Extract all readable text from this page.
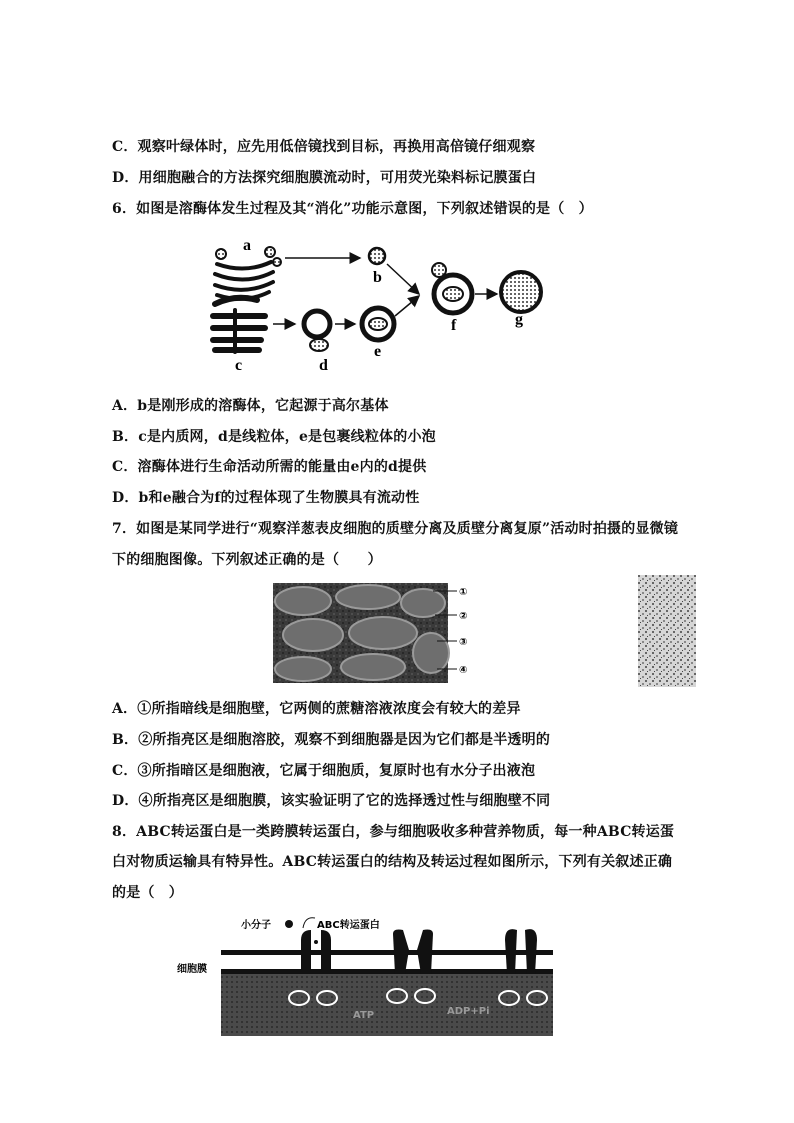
C．观察叶绿体时，应先用低倍镜找到目标，再换用高倍镜仔细观察
D．用细胞融合的方法探究细胞膜流动时，可用荧光染料标记膜蛋白
6．如图是溶酶体发生过程及其“消化”功能示意图，下列叙述错误的是（　）
a
b
c	d
e
f	g
A．b是刚形成的溶酶体，它起源于高尔基体
B．c是内质网，d是线粒体，e是包裹线粒体的小泡
C．溶酶体进行生命活动所需的能量由e内的d提供
D．b和e融合为f的过程体现了生物膜具有流动性
7．如图是某同学进行“观察洋葱表皮细胞的质壁分离及质壁分离复原”活动时拍摄的显微镜
下的细胞图像。下列叙述正确的是（　　）
①
②
③
④
A．①所指暗线是细胞壁，它两侧的蔗糖溶液浓度会有较大的差异
B．②所指亮区是细胞溶胶，观察不到细胞器是因为它们都是半透明的
C．③所指暗区是细胞液，它属于细胞质，复原时也有水分子出液泡
D．④所指亮区是细胞膜，该实验证明了它的选择透过性与细胞壁不同
8．ABC转运蛋白是一类跨膜转运蛋白，参与细胞吸收多种营养物质，每一种ABC转运蛋
白对物质运输具有特异性。ABC转运蛋白的结构及转运过程如图所示，下列有关叙述正确
的是（　）
小分子	ABC转运蛋白
细胞膜
ATP	ADP+Pi
